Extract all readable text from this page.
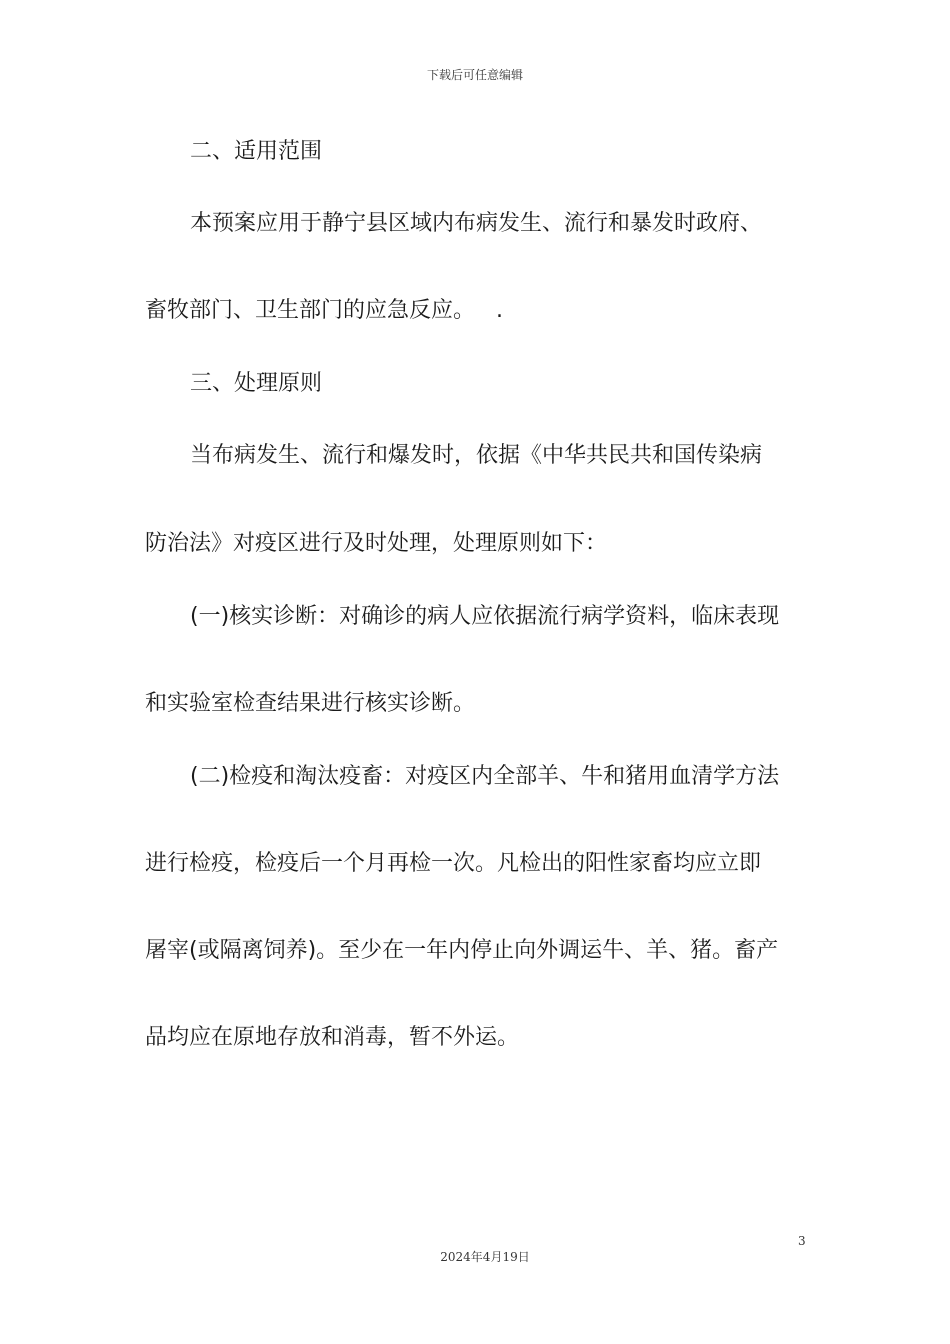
下载后可任意编辑
二、适用范围
本预案应用于静宁县区域内布病发生、流行和暴发时政府、
畜牧部门、卫生部门的应急反应。 .
三、处理原则
当布病发生、流行和爆发时，依据《中华共民共和国传染病
防治法》对疫区进行及时处理，处理原则如下：
(一)核实诊断：对确诊的病人应依据流行病学资料，临床表现
和实验室检查结果进行核实诊断。
(二)检疫和淘汰疫畜：对疫区内全部羊、牛和猪用血清学方法
进行检疫，检疫后一个月再检一次。凡检出的阳性家畜均应立即
屠宰(或隔离饲养)。至少在一年内停止向外调运牛、羊、猪。畜产
品均应在原地存放和消毒，暂不外运。
3
2024年4月19日
